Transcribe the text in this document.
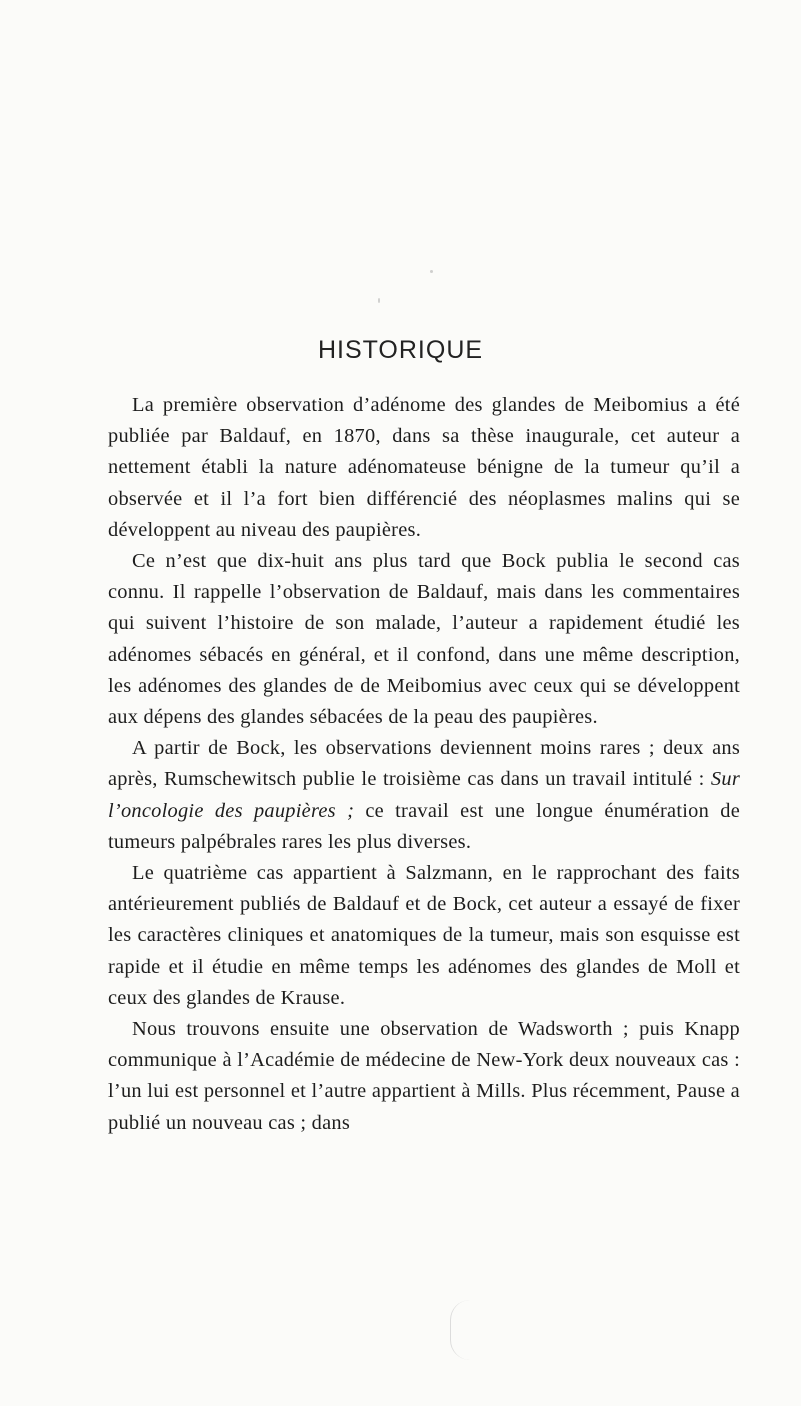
HISTORIQUE

La première observation d’adénome des glandes de Meibomius a été publiée par Baldauf, en 1870, dans sa thèse inaugurale, cet auteur a nettement établi la nature adénomateuse bénigne de la tumeur qu’il a observée et il l’a fort bien différencié des néoplasmes malins qui se développent au niveau des paupières.

Ce n’est que dix-huit ans plus tard que Bock publia le second cas connu. Il rappelle l’observation de Baldauf, mais dans les commentaires qui suivent l’histoire de son malade, l’auteur a rapidement étudié les adénomes sébacés en général, et il confond, dans une même description, les adénomes des glandes de de Meibomius avec ceux qui se développent aux dépens des glandes sébacées de la peau des paupières.

A partir de Bock, les observations deviennent moins rares ; deux ans après, Rumschewitsch publie le troisième cas dans un travail intitulé : Sur l’oncologie des paupières ; ce travail est une longue énumération de tumeurs palpébrales rares les plus diverses.

Le quatrième cas appartient à Salzmann, en le rapprochant des faits antérieurement publiés de Baldauf et de Bock, cet auteur a essayé de fixer les caractères cliniques et anatomiques de la tumeur, mais son esquisse est rapide et il étudie en même temps les adénomes des glandes de Moll et ceux des glandes de Krause.

Nous trouvons ensuite une observation de Wadsworth ; puis Knapp communique à l’Académie de médecine de New-York deux nouveaux cas : l’un lui est personnel et l’autre appartient à Mills. Plus récemment, Pause a publié un nouveau cas ; dans
